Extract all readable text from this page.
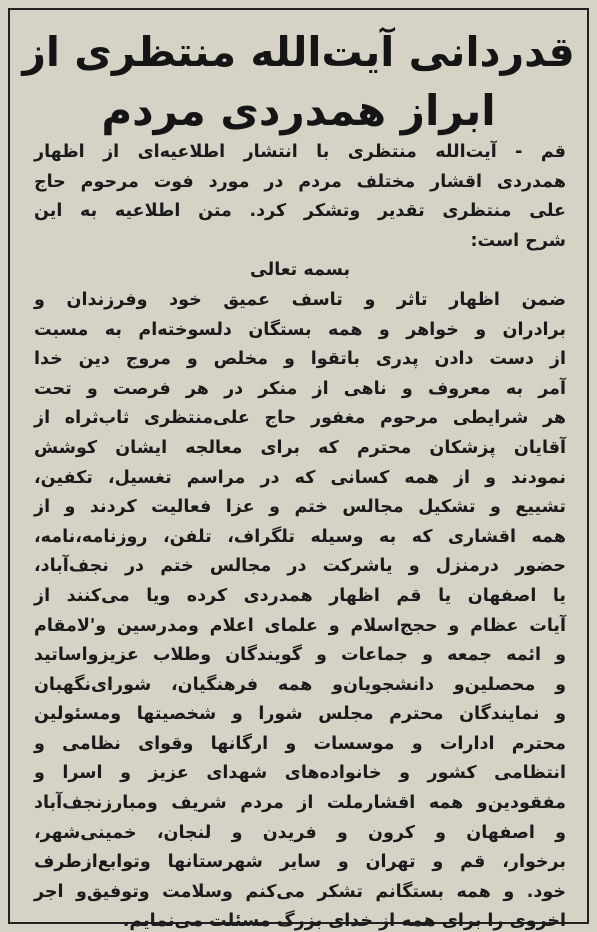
قدردانی آیت‌الله منتظری از
ابراز همدردی مردم
قم - آیت‌الله منتظری با انتشار اطلاعیه‌ای از اظهار
همدردی اقشار مختلف مردم در مورد فوت مرحوم حاج
علی منتظری تقدیر وتشکر کرد. متن اطلاعیه به این
شرح است:
بسمه تعالی
ضمن اظهار تاثر و تاسف عمیق خود وفرزندان و
برادران و خواهر و همه بستگان دلسوخته‌ام به مسبت
از دست دادن پدری باتقوا و مخلص و مروج دین خدا
آمر به معروف و ناهی از منکر در هر فرصت و تحت
هر شرایطی مرحوم مغفور حاج علی‌منتظری ثاب‌ثراه از
آقایان پزشکان محترم که برای معالجه ایشان کوشش
نمودند و از همه کسانی که در مراسم تغسیل، تکفین،
تشییع و تشکیل مجالس ختم و عزا فعالیت کردند و از
همه اقشاری که به وسیله تلگراف، تلفن، روزنامه،نامه،
حضور درمنزل و یاشرکت در مجالس ختم در نجف‌آباد،
یا اصفهان یا قم اظهار همدردی کرده ویا می‌کنند از
آیات عظام و حجج‌اسلام و علمای اعلام ومدرسین و'لامقام
و ائمه جمعه و جماعات و گویندگان وطلاب عزیزواساتید
و محصلین‌و دانشجویان‌و همه فرهنگیان، شورای‌نگهبان
و نمایندگان محترم مجلس شورا و شخصیتها ومسئولین
محترم ادارات و موسسات و ارگانها وقوای نظامی و
انتظامی کشور و خانواده‌های شهدای عزیز و اسرا و
مفقودین‌و همه اقشارملت از مردم شریف ومبارزنجف‌آباد
و اصفهان و کرون و فریدن و لنجان، خمینی‌شهر،
برخوار، قم و تهران و سایر شهرستانها وتوابع‌ازطرف
خود. و همه بستگانم تشکر می‌کنم وسلامت وتوفیق‌و اجر
اخروی را برای همه از خدای بزرگ مسئلت می‌نمایم.
